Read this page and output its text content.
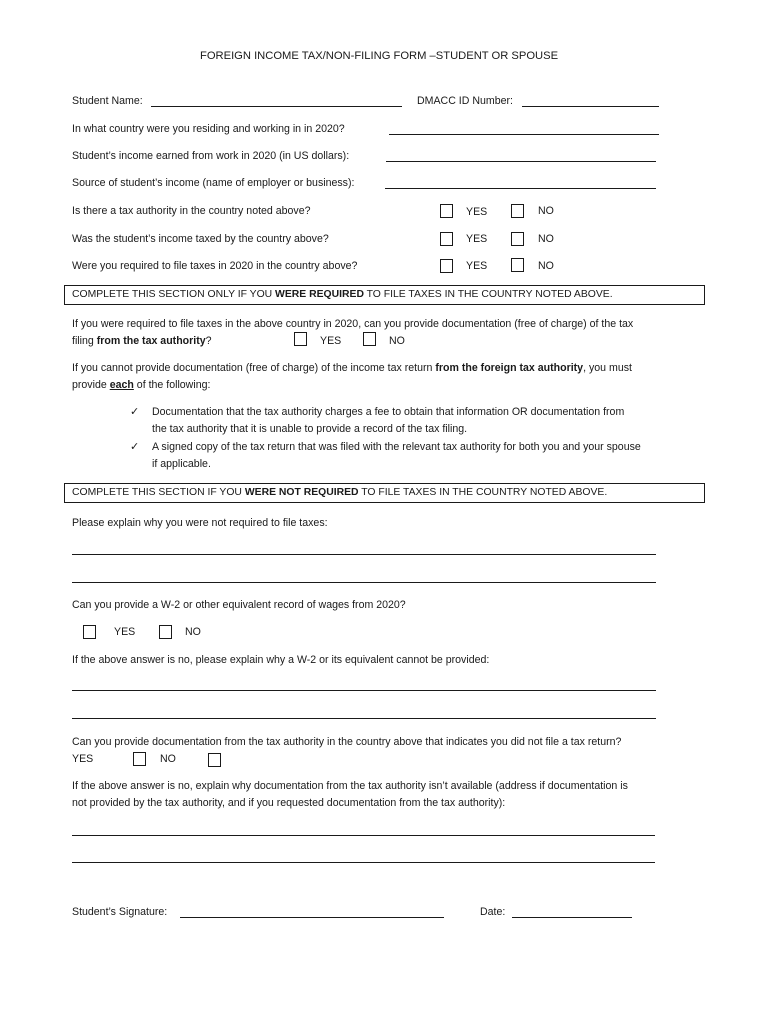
FOREIGN INCOME TAX/NON-FILING FORM –STUDENT OR SPOUSE
Student Name:	DMACC ID Number:
In what country were you residing and working in in 2020?
Student’s income earned from work in 2020 (in US dollars):
Source of student’s income (name of employer or business):
Is there a tax authority in the country noted above?	YES	NO
Was the student’s income taxed by the country above?	YES	NO
Were you required to file taxes in 2020 in the country above?	YES	NO
COMPLETE THIS SECTION ONLY IF YOU WERE REQUIRED TO FILE TAXES IN THE COUNTRY NOTED ABOVE.
If you were required to file taxes in the above country in 2020, can you provide documentation (free of charge) of the tax
filing from the tax authority?	YES	NO
If you cannot provide documentation (free of charge) of the income tax return from the foreign tax authority, you must
provide each of the following:
✓ Documentation that the tax authority charges a fee to obtain that information OR documentation from
the tax authority that it is unable to provide a record of the tax filing.
✓ A signed copy of the tax return that was filed with the relevant tax authority for both you and your spouse
if applicable.
COMPLETE THIS SECTION IF YOU WERE NOT REQUIRED TO FILE TAXES IN THE COUNTRY NOTED ABOVE.
Please explain why you were not required to file taxes:
Can you provide a W-2 or other equivalent record of wages from 2020?
YES	NO
If the above answer is no, please explain why a W-2 or its equivalent cannot be provided:
Can you provide documentation from the tax authority in the country above that indicates you did not file a tax return?
YES	NO
If the above answer is no, explain why documentation from the tax authority isn’t available (address if documentation is
not provided by the tax authority, and if you requested documentation from the tax authority):
Student’s Signature:	Date:
